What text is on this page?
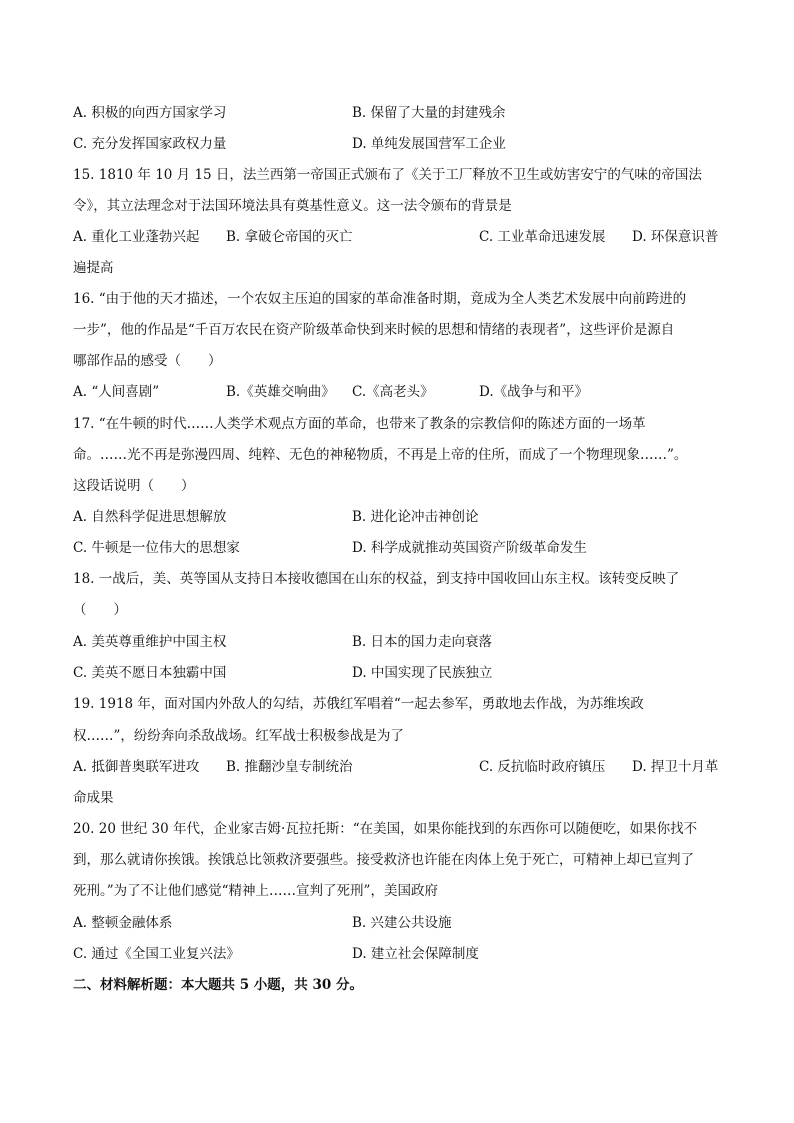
A. 积极的向西方国家学习	B. 保留了大量的封建残余
C. 充分发挥国家政权力量	D. 单纯发展国营军工企业
15. 1810 年 10 月 15 日，法兰西第一帝国正式颁布了《关于工厂释放不卫生或妨害安宁的气味的帝国法
令》，其立法理念对于法国环境法具有奠基性意义。这一法令颁布的背景是
A. 重化工业蓬勃兴起 B. 拿破仑帝国的灭亡	C. 工业革命迅速发展 D. 环保意识普
遍提高
16. “由于他的天才描述，一个农奴主压迫的国家的革命准备时期，竟成为全人类艺术发展中向前跨进的
一步”，他的作品是“千百万农民在资产阶级革命快到来时候的思想和情绪的表现者”，这些评价是源自
哪部作品的感受（　　）
A. “人间喜剧”	B.《英雄交响曲》 C.《高老头》	D.《战争与和平》
17. “在牛顿的时代……人类学术观点方面的革命，也带来了教条的宗教信仰的陈述方面的一场革
命。……光不再是弥漫四周、纯粹、无色的神秘物质，不再是上帝的住所，而成了一个物理现象……”。
这段话说明（　　）
A. 自然科学促进思想解放	B. 进化论冲击神创论
C. 牛顿是一位伟大的思想家	D. 科学成就推动英国资产阶级革命发生
18. 一战后，美、英等国从支持日本接收德国在山东的权益，到支持中国收回山东主权。该转变反映了
（　　）
A. 美英尊重维护中国主权	B. 日本的国力走向衰落
C. 美英不愿日本独霸中国	D. 中国实现了民族独立
19. 1918 年，面对国内外敌人的勾结，苏俄红军唱着“一起去参军，勇敢地去作战，为苏维埃政
权……”，纷纷奔向杀敌战场。红军战士积极参战是为了
A. 抵御普奥联军进攻 B. 推翻沙皇专制统治	C. 反抗临时政府镇压 D. 捍卫十月革
命成果
20. 20 世纪 30 年代，企业家吉姆·瓦拉托斯：“在美国，如果你能找到的东西你可以随便吃，如果你找不
到，那么就请你挨饿。挨饿总比领救济要强些。接受救济也许能在肉体上免于死亡，可精神上却已宣判了
死刑。”为了不让他们感觉“精神上……宣判了死刑”，美国政府
A. 整顿金融体系	B. 兴建公共设施
C. 通过《全国工业复兴法》	D. 建立社会保障制度
二、材料解析题：本大题共 5 小题，共 30 分。
